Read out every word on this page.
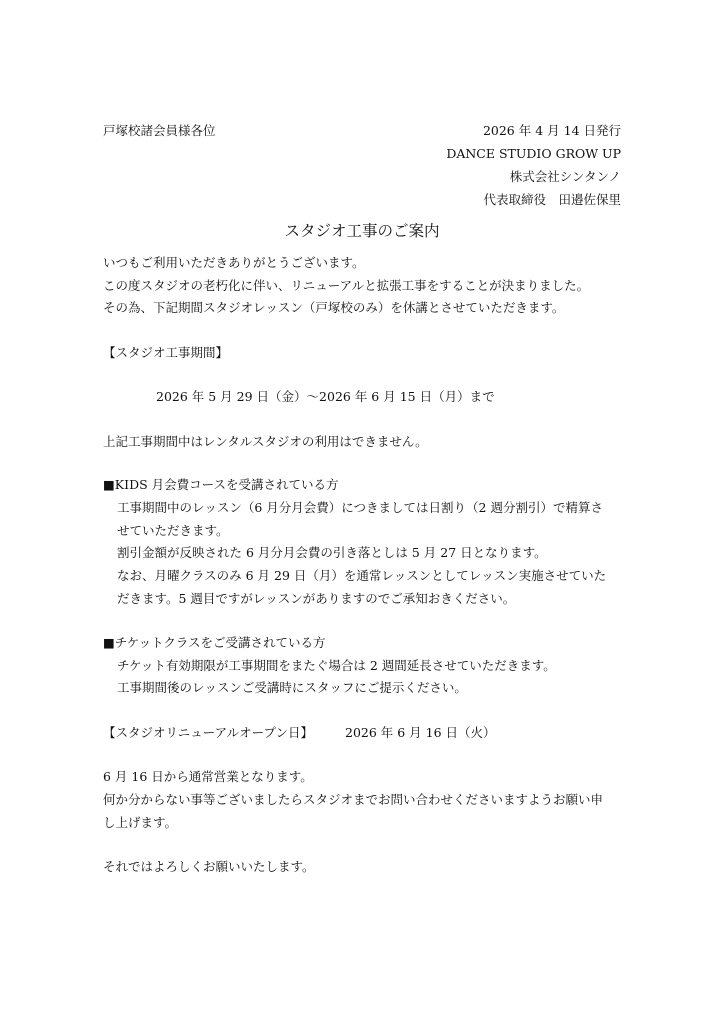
戸塚校諸会員様各位	2026 年 4 月 14 日発行
DANCE STUDIO GROW UP
株式会社シンタンノ
代表取締役　田邉佐保里
スタジオ工事のご案内
いつもご利用いただきありがとうございます。
この度スタジオの老朽化に伴い、リニューアルと拡張工事をすることが決まりました。
その為、下記期間スタジオレッスン（戸塚校のみ）を休講とさせていただきます。
【スタジオ工事期間】
2026 年 5 月 29 日（金）〜2026 年 6 月 15 日（月）まで
上記工事期間中はレンタルスタジオの利用はできません。
■KIDS 月会費コースを受講されている方
工事期間中のレッスン（6 月分月会費）につきましては日割り（2 週分割引）で精算さ
せていただきます。
割引金額が反映された 6 月分月会費の引き落としは 5 月 27 日となります。
なお、月曜クラスのみ 6 月 29 日（月）を通常レッスンとしてレッスン実施させていた
だきます。5 週目ですがレッスンがありますのでご承知おきください。
■チケットクラスをご受講されている方
チケット有効期限が工事期間をまたぐ場合は 2 週間延長させていただきます。
工事期間後のレッスンご受講時にスタッフにご提示ください。
【スタジオリニューアルオープン日】	2026 年 6 月 16 日（火）
6 月 16 日から通常営業となります。
何か分からない事等ございましたらスタジオまでお問い合わせくださいますようお願い申
し上げます。
それではよろしくお願いいたします。
